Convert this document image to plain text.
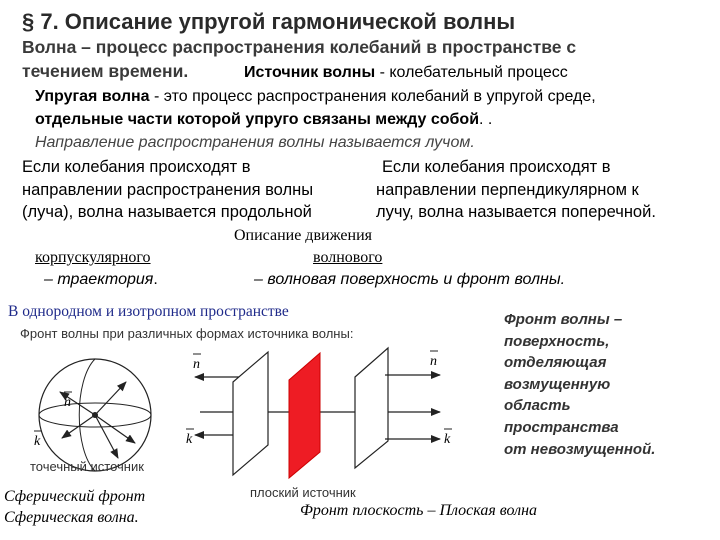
§ 7. Описание упругой гармонической волны
Волна – процесс распространения колебаний в пространстве с
течением времени.	Источник волны - колебательный процесс
Упругая волна - это процесс распространения колебаний в упругой среде,
отдельные части которой упруго связаны между собой. .
Направление распространения волны называется лучом.
Если колебания происходят в
направлении распространения волны
(луча), волна называется продольной
Если колебания происходят в
направлении перпендикулярном к
лучу, волна называется поперечной.
Описание движения
корпускулярного	волнового
– траектория.	– волновая поверхность и фронт волны.
В однородном и изотропном пространстве
Фронт волны при различных формах источника волны:
n
k
n
k
n
k
точечный источник
плоский источник
Сферический фронт
Сферическая волна.	Фронт плоскость – Плоская волна
Фронт волны –
поверхность,
отделяющая
возмущенную
область
пространства
от невозмущенной.
